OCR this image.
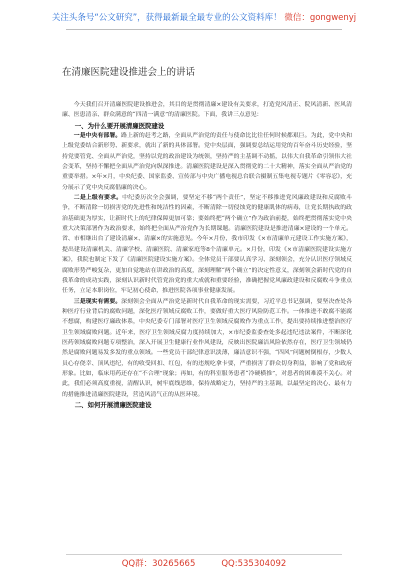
关注头条号“公文研究”，获得最新最全最专业的公文资料库！ 微信：gongwenyj
在清廉医院建设推进会上的讲话

今天我们召开清廉医院建设推进会，其目的是贯彻清廉×建设有关要求，打造党风清正、院风清新、医风清廉、医患清亲、群众满意的“四清一满意”的清廉医院。下面，我讲三点意见：

一、为什么要开展清廉医院建设

一是中央有部署。路上新的赶考之路，全面从严治党的责任与使命比比往任何时候都艰巨。为此，党中央和上级党委结合新形势、新要求，就出了新的具体部署。党中央层面，强调要总结运用党的百年奋斗历史经验，坚持党要管党、全面从严治党，坚持以党的政治建设为统领，坚持严的主基调不动摇，以伟大自我革命引领伟大社会变革，坚持不懈把全面从严治党向纵深推进。清廉医院建设是深入贯彻党的二十大精神，落实全面从严治党的重要举措。×年×月，中央纪委、国家监委、宣传部与中央广播电视总台联合摄制五集电视专题片《零容忍》，充分展示了党中央反腐倡廉的决心。

二是上级有要求。中纪委历次全会强调，要坚定不移“两个责任”，坚定不移推进党风廉政建设和反腐败斗争，不断清除一切损害党的先进性和纯洁性的因素，不断清除一切侵蚀党的健康肌体的病毒，让党长期执政的政治基础更为厚实，让新时代上的纪律保障更加可靠；要始终把“两个确立”作为政治前提，始终把贯彻落实党中央重大决策部署作为政治要求，始终把全面从严治党作为长期课题。清廉医院建设是推进清廉×建设的一个单元。省、市相继出台了建设清廉×、清廉×的实施意见。今年×月份，我市印发《×市清廉单元建设工作实施方案》，提出建设清廉机关、清廉学校、清廉医院、清廉家庭等8个清廉单元。×月份，印发《×市清廉医院建设实施方案》，我院也制定下发了《清廉医院建设实施方案》。全体党员干部要认真学习、深刻领会，充分认识医疗领域反腐败形势严峻复杂，更加自觉地站在讲政治的高度，深刻理解“两个确立”的决定性意义，深刻领会新时代党的自我革命的成功实践，深刻认识新时代管党治党的重大成就和重要经验，准确把握党风廉政建设和反腐败斗争重点任务，立足本职岗位，牢记初心使命，推进医院各项事业健康发展。

三是现实有需要。深刻领会全面从严治党是新时代自我革命的现实需要，习近平总书记强调，要坚决查处各种医疗行业背后的腐败问题，深化医疗领域反腐败工作，要做好重大医疗风险防范工作。一体推进不敢腐不能腐不想腐，构建医疗廉政体系，中央纪委专门部署对医疗卫生领域反腐败作为重点工作，提出要持续推进整治医疗卫生领域腐败问题。近年来，医疗卫生领域反腐力度持续加大，×市纪委监委查处多起违纪违法案件，不断深化医药领域腐败问题专项整治，深入开展卫生健康行业作风建设，反映出医院廉洁风险依然存在，医疗卫生领域仍然是腐败问题易发多发的重点领域。一些党员干部纪律意识淡薄，廉洁意识不强，“四风”问题树倒根存，少数人员心存侥幸、顶风违纪，有的收受回扣、红包，有的违规吃拿卡要，严重损害了群众切身利益，影响了党和政府形象。比如，临床用药还存在“不合理”现象；再如，有的科室服务患者“冷硬横推”，对患者的困难漠不关心。对此，我们必须高度重视，清醒认识，树牢底线思维，保持战略定力，坚持严的主基调，以最坚定的决心、最有力的措施推进清廉医院建设，营造风清气正的从医环境。

二、如何开展清廉医院建设
QQ群：30265665	QQ:535304092
